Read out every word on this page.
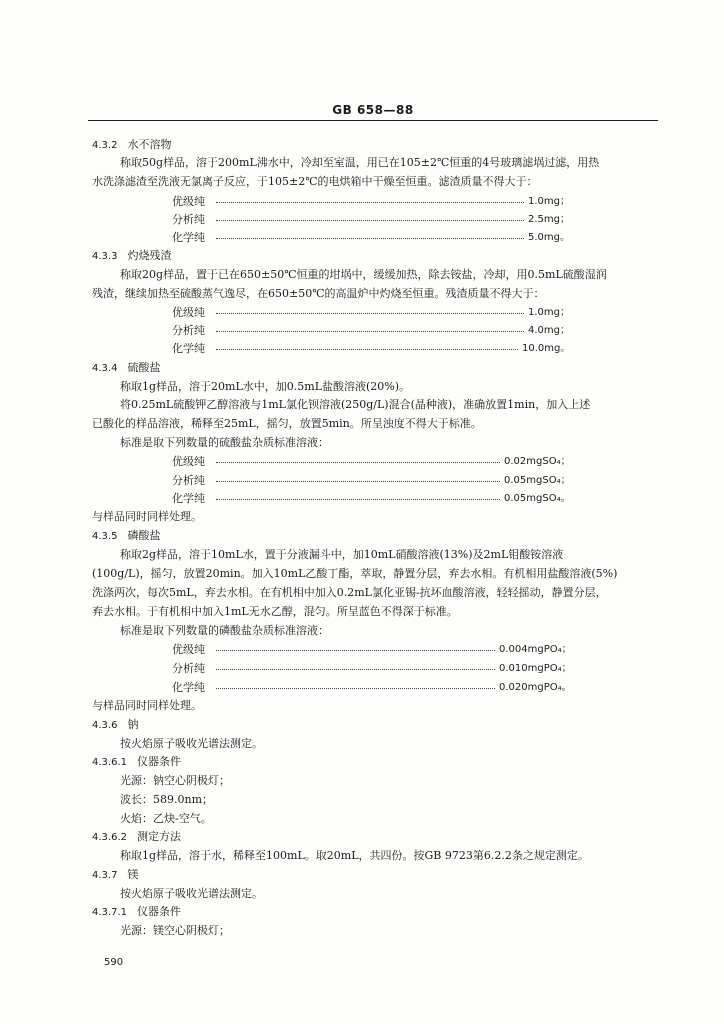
GB 658—88
4.3.2 水不溶物
称取50g样品，溶于200mL沸水中，冷却至室温，用已在105±2℃恒重的4号玻璃滤埚过滤，用热
水洗涤滤渣至洗液无氯离子反应，于105±2℃的电烘箱中干燥至恒重。滤渣质量不得大于：
优级纯	1.0mg；
分析纯	2.5mg；
化学纯	5.0mg。
4.3.3 灼烧残渣
称取20g样品，置于已在650±50℃恒重的坩埚中，缓缓加热，除去铵盐，冷却，用0.5mL硫酸湿润
残渣，继续加热至硫酸蒸气逸尽，在650±50℃的高温炉中灼烧至恒重。残渣质量不得大于：
优级纯	1.0mg；
分析纯	4.0mg；
化学纯	10.0mg。
4.3.4 硫酸盐
称取1g样品，溶于20mL水中，加0.5mL盐酸溶液(20%)。
将0.25mL硫酸钾乙醇溶液与1mL氯化钡溶液(250g/L)混合(晶种液)，准确放置1min，加入上述
已酸化的样品溶液，稀释至25mL，摇匀，放置5min。所呈浊度不得大于标准。
标准是取下列数量的硫酸盐杂质标准溶液：
优级纯	0.02mgSO₄；
分析纯	0.05mgSO₄；
化学纯	0.05mgSO₄。
与样品同时同样处理。
4.3.5 磷酸盐
称取2g样品，溶于10mL水，置于分液漏斗中，加10mL硝酸溶液(13%)及2mL钼酸铵溶液
(100g/L)，摇匀，放置20min。加入10mL乙酸丁酯，萃取，静置分层，弃去水相。有机相用盐酸溶液(5%)
洗涤两次，每次5mL，弃去水相。在有机相中加入0.2mL氯化亚锡-抗坏血酸溶液，轻轻摇动，静置分层，
弃去水相。于有机相中加入1mL无水乙醇，混匀。所呈蓝色不得深于标准。
标准是取下列数量的磷酸盐杂质标准溶液：
优级纯	0.004mgPO₄；
分析纯	0.010mgPO₄；
化学纯	0.020mgPO₄。
与样品同时同样处理。
4.3.6 钠
按火焰原子吸收光谱法测定。
4.3.6.1 仪器条件
光源：钠空心阴极灯；
波长：589.0nm；
火焰：乙炔-空气。
4.3.6.2 测定方法
称取1g样品，溶于水，稀释至100mL。取20mL，共四份。按GB 9723第6.2.2条之规定测定。
4.3.7 镁
按火焰原子吸收光谱法测定。
4.3.7.1 仪器条件
光源：镁空心阴极灯；
590
